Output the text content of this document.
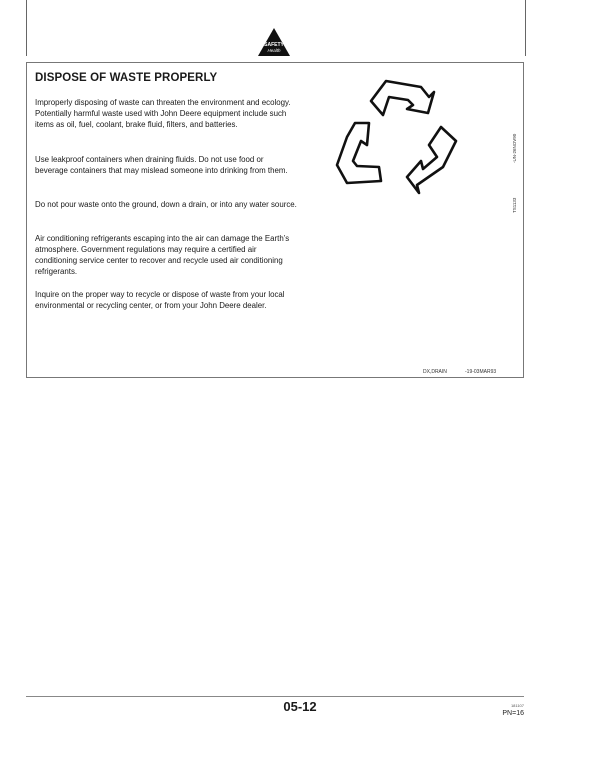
SAFETY
Health
DISPOSE OF WASTE PROPERLY
Improperly disposing of waste can threaten the environment and ecology. Potentially harmful waste used with John Deere equipment include such items as oil, fuel, coolant, brake fluid, filters, and batteries.
Use leakproof containers when draining fluids. Do not use food or beverage containers that may mislead someone into drinking from them.
Do not pour waste onto the ground, down a drain, or into any water source.
Air conditioning refrigerants escaping into the air can damage the Earth’s atmosphere. Government regulations may require a certified air conditioning service center to recover and recycle used air conditioning refrigerants.
Inquire on the proper way to recycle or dispose of waste from your local environmental or recycling center, or from your John Deere dealer.
TS1133
-UN-26NOV90
DX,DRAIN	-19-03MAR93
05-12	181107
PN=16
